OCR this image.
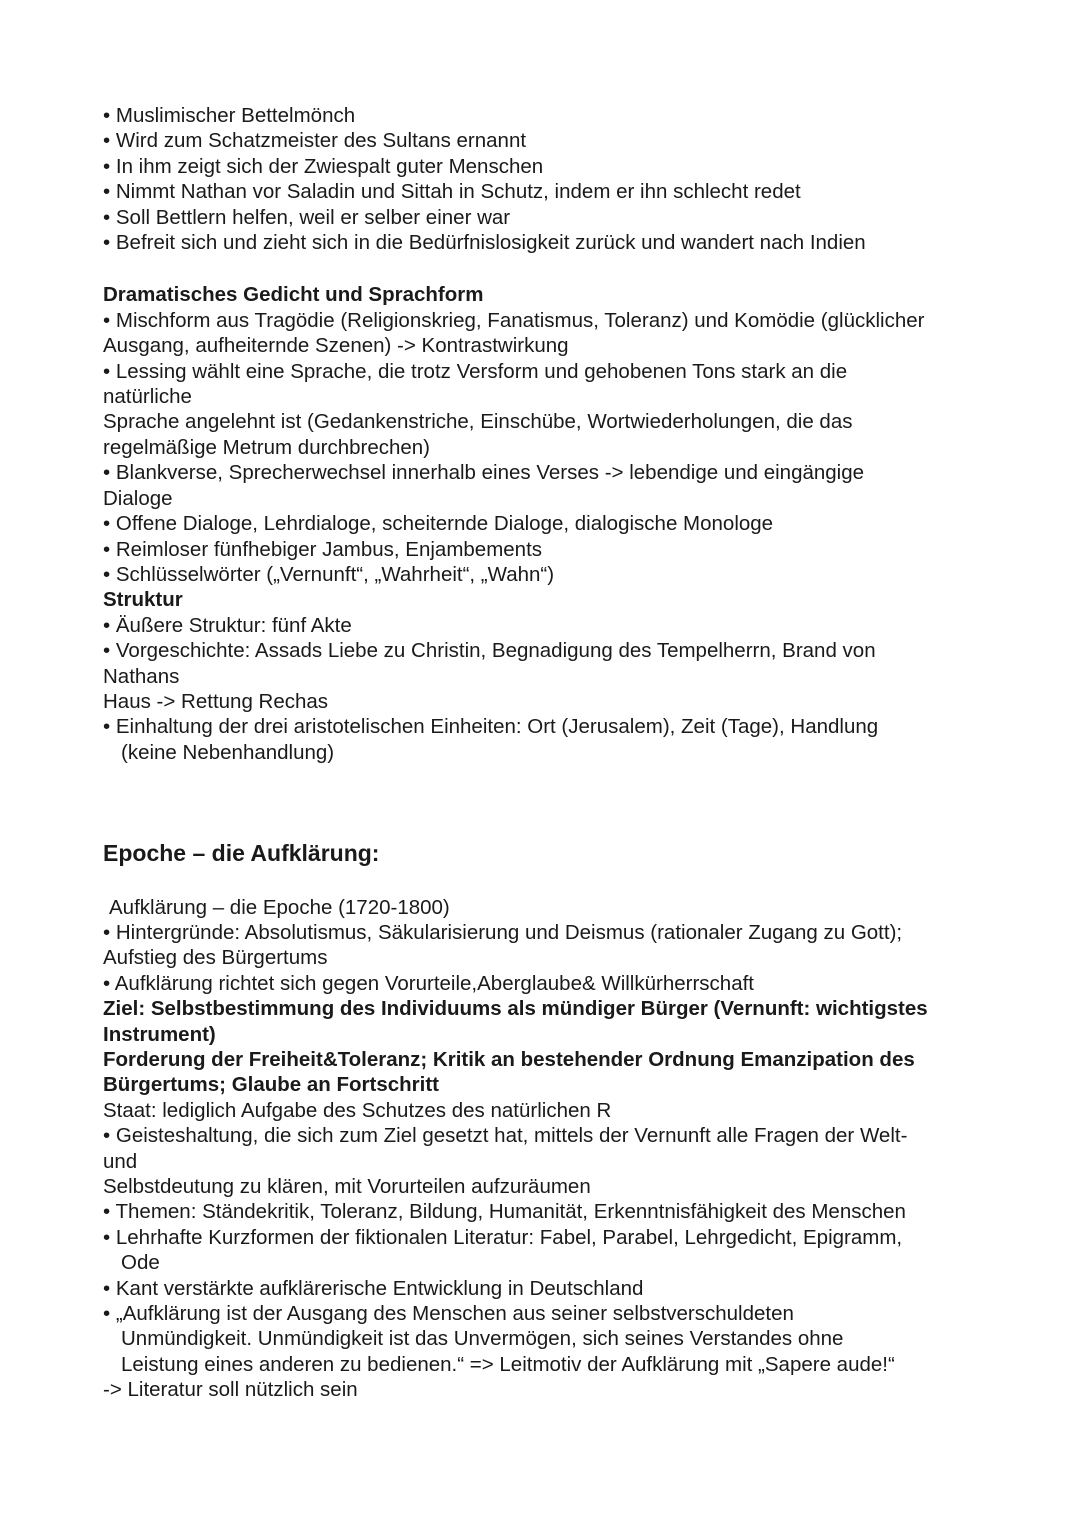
• Muslimischer Bettelmönch
• Wird zum Schatzmeister des Sultans ernannt
• In ihm zeigt sich der Zwiespalt guter Menschen
• Nimmt Nathan vor Saladin und Sittah in Schutz, indem er ihn schlecht redet
• Soll Bettlern helfen, weil er selber einer war
• Befreit sich und zieht sich in die Bedürfnislosigkeit zurück und wandert nach Indien
Dramatisches Gedicht und Sprachform
• Mischform aus Tragödie (Religionskrieg, Fanatismus, Toleranz) und Komödie (glücklicher
Ausgang, aufheiternde Szenen) -> Kontrastwirkung
• Lessing wählt eine Sprache, die trotz Versform und gehobenen Tons stark an die
natürliche
Sprache angelehnt ist (Gedankenstriche, Einschübe, Wortwiederholungen, die das
regelmäßige Metrum durchbrechen)
• Blankverse, Sprecherwechsel innerhalb eines Verses -> lebendige und eingängige
Dialoge
• Offene Dialoge, Lehrdialoge, scheiternde Dialoge, dialogische Monologe
• Reimloser fünfhebiger Jambus, Enjambements
• Schlüsselwörter („Vernunft“, „Wahrheit“, „Wahn“)
Struktur
• Äußere Struktur: fünf Akte
• Vorgeschichte: Assads Liebe zu Christin, Begnadigung des Tempelherrn, Brand von
Nathans
Haus -> Rettung Rechas
• Einhaltung der drei aristotelischen Einheiten: Ort (Jerusalem), Zeit (Tage), Handlung
(keine Nebenhandlung)
Epoche – die Aufklärung:
Aufklärung – die Epoche (1720-1800)
• Hintergründe: Absolutismus, Säkularisierung und Deismus (rationaler Zugang zu Gott);
Aufstieg des Bürgertums
• Aufklärung richtet sich gegen Vorurteile,Aberglaube& Willkürherrschaft
Ziel: Selbstbestimmung des Individuums als mündiger Bürger (Vernunft: wichtigstes
Instrument)
Forderung der Freiheit&Toleranz; Kritik an bestehender Ordnung Emanzipation des
Bürgertums; Glaube an Fortschritt
Staat: lediglich Aufgabe des Schutzes des natürlichen R
• Geisteshaltung, die sich zum Ziel gesetzt hat, mittels der Vernunft alle Fragen der Welt-
und
Selbstdeutung zu klären, mit Vorurteilen aufzuräumen
• Themen: Ständekritik, Toleranz, Bildung, Humanität, Erkenntnisfähigkeit des Menschen
• Lehrhafte Kurzformen der fiktionalen Literatur: Fabel, Parabel, Lehrgedicht, Epigramm,
Ode
• Kant verstärkte aufklärerische Entwicklung in Deutschland
• „Aufklärung ist der Ausgang des Menschen aus seiner selbstverschuldeten
Unmündigkeit. Unmündigkeit ist das Unvermögen, sich seines Verstandes ohne
Leistung eines anderen zu bedienen.“ => Leitmotiv der Aufklärung mit „Sapere aude!“
-> Literatur soll nützlich sein
